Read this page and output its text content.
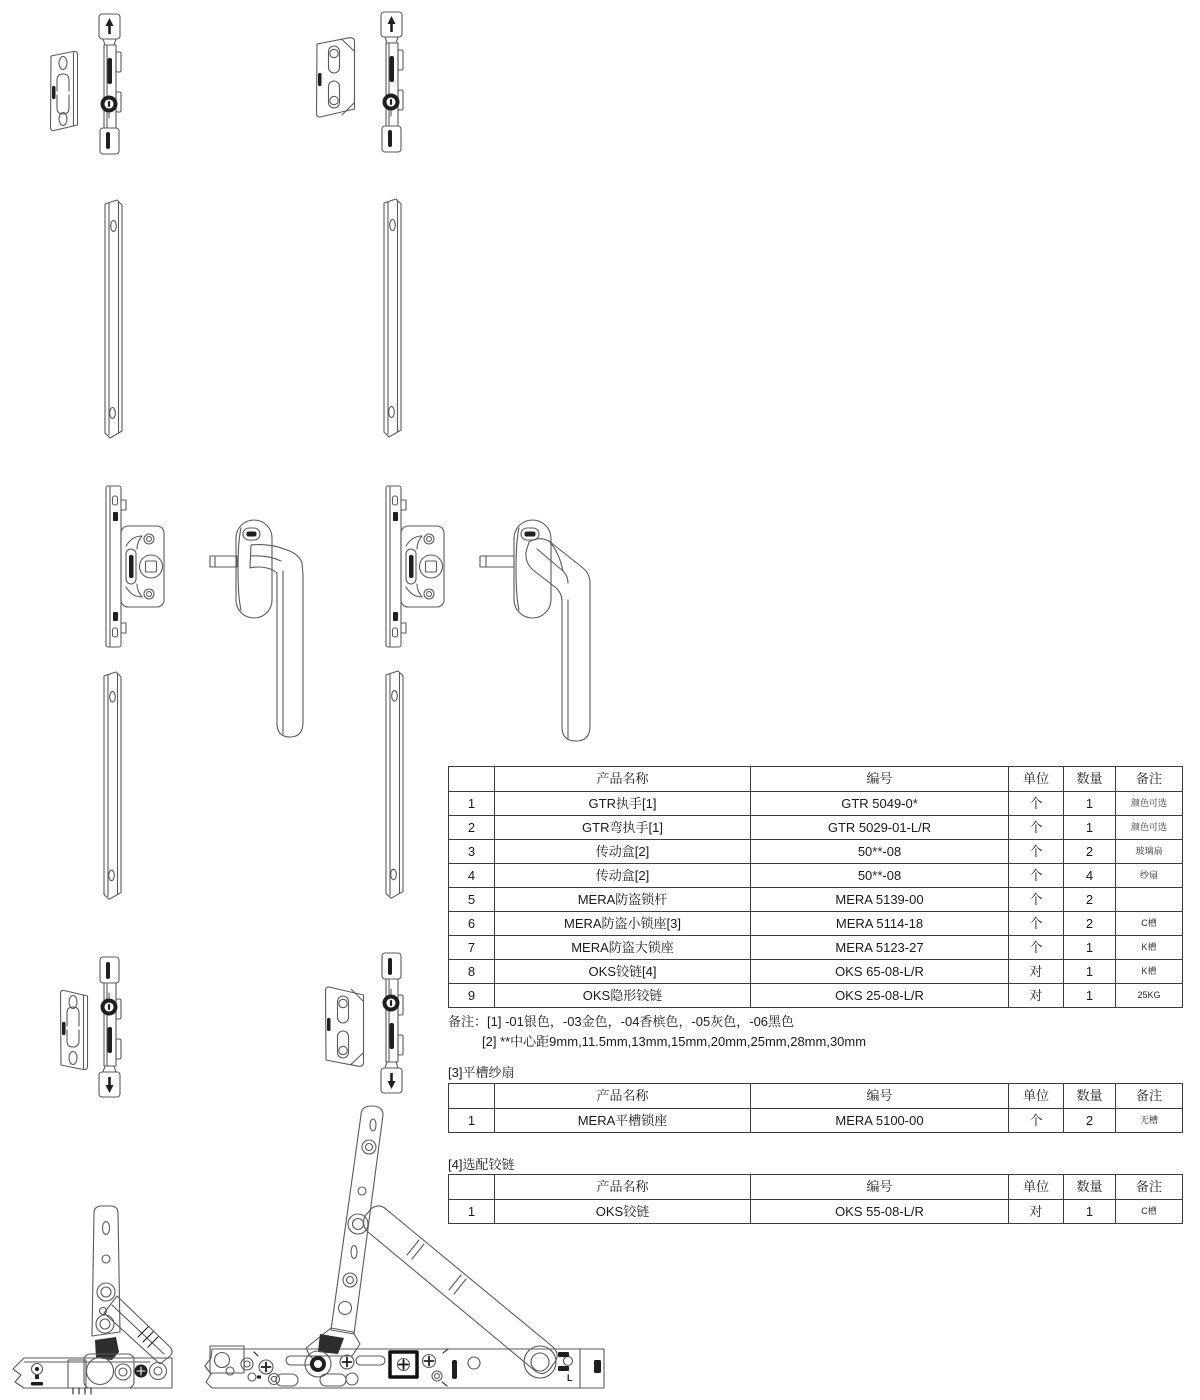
L
	产品名称	编号	单位	数量	备注
1	GTR执手[1]	GTR 5049-0*	个	1	颜色可选
2	GTR弯执手[1]	GTR 5029-01-L/R	个	1	颜色可选
3	传动盒[2]	50**-08	个	2	玻璃扇
4	传动盒[2]	50**-08	个	4	纱扇
5	MERA防盗锁杆	MERA 5139-00	个	2	
6	MERA防盗小锁座[3]	MERA 5114-18	个	2	C槽
7	MERA防盗大锁座	MERA 5123-27	个	1	K槽
8	OKS铰链[4]	OKS 65-08-L/R	对	1	K槽
9	OKS隐形铰链	OKS 25-08-L/R	对	1	25KG
备注：[1] -01银色，-03金色，-04香槟色，-05灰色，-06黑色
[2] **中心距9mm,11.5mm,13mm,15mm,20mm,25mm,28mm,30mm
[3]平槽纱扇
	产品名称	编号	单位	数量	备注
1	MERA平槽锁座	MERA 5100-00	个	2	无槽
[4]选配铰链
	产品名称	编号	单位	数量	备注
1	OKS铰链	OKS 55-08-L/R	对	1	C槽
